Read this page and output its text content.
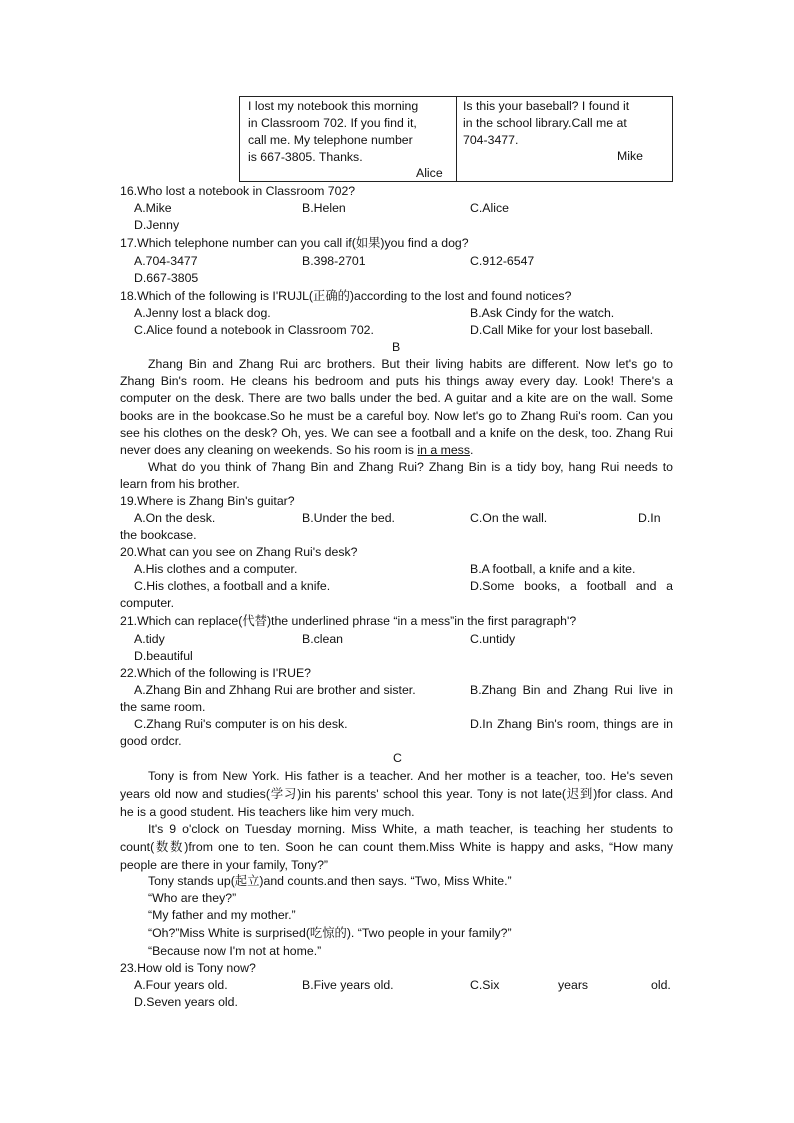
I lost my notebook this morning
in Classroom 702. If you find it,
call me. My telephone number
is 667-3805. Thanks.
Alice
Is this your baseball? I found it
in the school library.Call me at
704-3477.
Mike
16.Who lost a notebook in Classroom 702?
A.Mike	B.Helen	C.Alice
D.Jenny
17.Which telephone number can you call if(如果)you find a dog?
A.704-3477	B.398-2701	C.912-6547
D.667-3805
18.Which of the following is I'RUJL(正确的)according to the lost and found notices?
A.Jenny lost a black dog.	B.Ask Cindy for the watch.
C.Alice found a notebook in Classroom 702.	D.Call Mike for your lost baseball.
B
Zhang Bin and Zhang Rui arc brothers. But their living habits are different. Now let's go to
Zhang Bin's room. He cleans his bedroom and puts his things away every day. Look! There's a
computer on the desk. There are two balls under the bed. A guitar and a kite are on the wall. Some
books are in the bookcase.So he must be a careful boy. Now let's go to Zhang Rui's room. Can you
see his clothes on the desk? Oh, yes. We can see a football and a knife on the desk, too. Zhang Rui
never does any cleaning on weekends. So his room is in a mess.
What do you think of 7hang Bin and Zhang Rui? Zhang Bin is a tidy boy, hang Rui needs to
learn from his brother.
19.Where is Zhang Bin's guitar?
A.On the desk.	B.Under the bed.	C.On the wall.	D.In
the bookcase.
20.What can you see on Zhang Rui's desk?
A.His clothes and a computer.	B.A football, a knife and a kite.
C.His clothes, a football and a knife.	D.Some books, a football and a
computer.
21.Which can replace(代替)the underlined phrase “in a mess”in the first paragraph'?
A.tidy	B.clean	C.untidy
D.beautiful
22.Which of the following is I'RUE?
A.Zhang Bin and Zhhang Rui are brother and sister.	B.Zhang Bin and Zhang Rui live in
the same room.
C.Zhang Rui's computer is on his desk.	D.In Zhang Bin's room, things are in
good ordcr.
C
Tony is from New York. His father is a teacher. And her mother is a teacher, too. He's seven
years old now and studies(学习)in his parents' school this year. Tony is not late(迟到)for class. And
he is a good student. His teachers like him very much.
It's 9 o'clock on Tuesday morning. Miss White, a math teacher, is teaching her students to
count(数数)from one to ten. Soon he can count them.Miss White is happy and asks, “How many
people are there in your family, Tony?”
Tony stands up(起立)and counts.and then says. “Two, Miss White.”
“Who are they?”
“My father and my mother.”
“Oh?”Miss White is surprised(吃惊的). “Two people in your family?”
“Because now I'm not at home.”
23.How old is Tony now?
A.Four years old.	B.Five years old.	C.Six	years	old.
D.Seven years old.
